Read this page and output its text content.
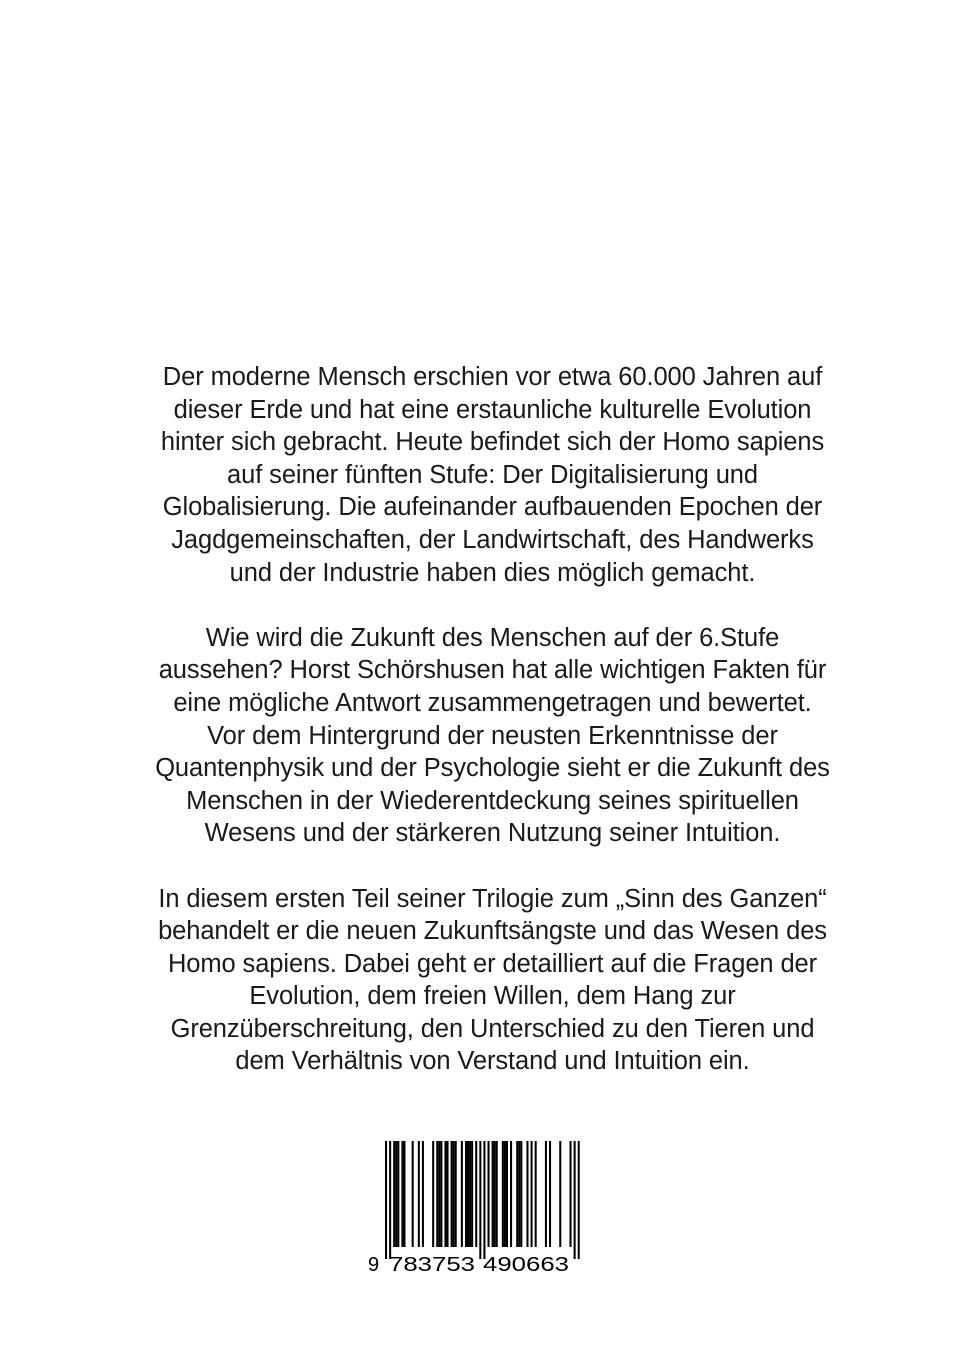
Der moderne Mensch erschien vor etwa 60.000 Jahren auf
dieser Erde und hat eine erstaunliche kulturelle Evolution
hinter sich gebracht. Heute befindet sich der Homo sapiens
auf seiner fünften Stufe: Der Digitalisierung und
Globalisierung. Die aufeinander aufbauenden Epochen der
Jagdgemeinschaften, der Landwirtschaft, des Handwerks
und der Industrie haben dies möglich gemacht.

Wie wird die Zukunft des Menschen auf der 6.Stufe
aussehen? Horst Schörshusen hat alle wichtigen Fakten für
eine mögliche Antwort zusammengetragen und bewertet.
Vor dem Hintergrund der neusten Erkenntnisse der
Quantenphysik und der Psychologie sieht er die Zukunft des
Menschen in der Wiederentdeckung seines spirituellen
Wesens und der stärkeren Nutzung seiner Intuition.

In diesem ersten Teil seiner Trilogie zum „Sinn des Ganzen“
behandelt er die neuen Zukunftsängste und das Wesen des
Homo sapiens. Dabei geht er detailliert auf die Fragen der
Evolution, dem freien Willen, dem Hang zur
Grenzüberschreitung, den Unterschied zu den Tieren und
dem Verhältnis von Verstand und Intuition ein.

9 783753 490663
